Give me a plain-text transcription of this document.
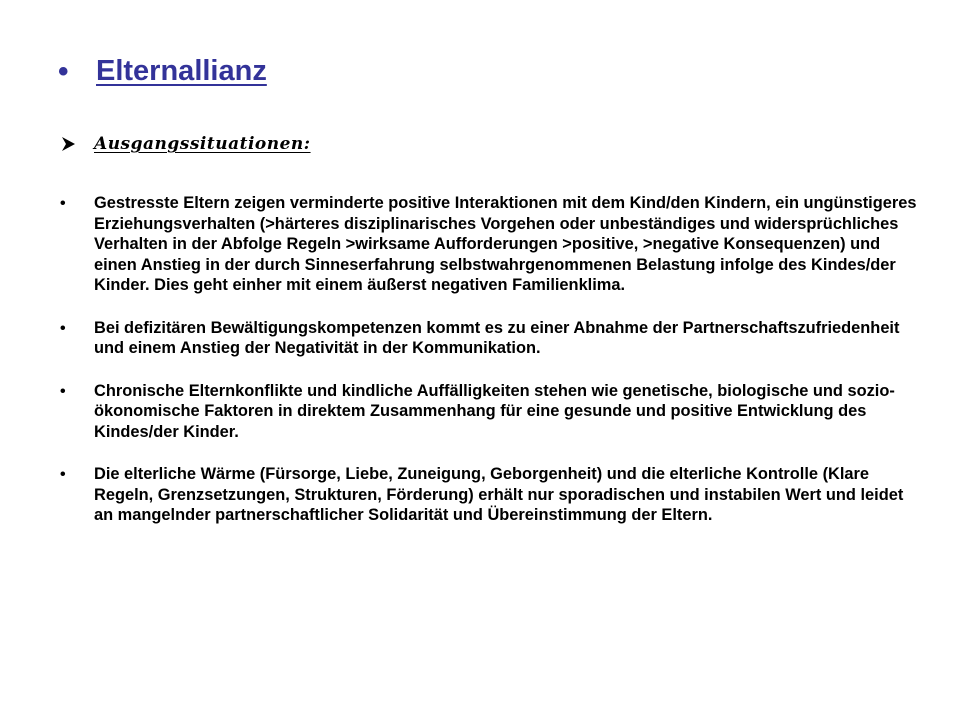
• Elternallianz
Ausgangssituationen:
•	Gestresste Eltern zeigen verminderte positive Interaktionen mit dem Kind/den Kindern, ein ungünstigeres Erziehungsverhalten (>härteres disziplinarisches Vorgehen oder unbeständiges und widersprüchliches Verhalten in der Abfolge Regeln >wirksame Aufforderungen >positive, >negative Konsequenzen) und einen Anstieg in der durch Sinneserfahrung selbstwahrgenommenen Belastung infolge des Kindes/der Kinder. Dies geht einher mit einem äußerst negativen Familienklima.
•	Bei defizitären Bewältigungskompetenzen kommt es zu einer Abnahme der Partnerschaftszufriedenheit und einem Anstieg der Negativität in der Kommunikation.
•	Chronische Elternkonflikte und kindliche Auffälligkeiten stehen wie genetische, biologische und sozio-ökonomische Faktoren in direktem Zusammenhang für eine gesunde und positive Entwicklung des Kindes/der Kinder.
•	Die elterliche Wärme (Fürsorge, Liebe, Zuneigung, Geborgenheit) und die elterliche Kontrolle (Klare Regeln, Grenzsetzungen, Strukturen, Förderung) erhält nur sporadischen und instabilen Wert und leidet an mangelnder partnerschaftlicher Solidarität und Übereinstimmung der Eltern.
